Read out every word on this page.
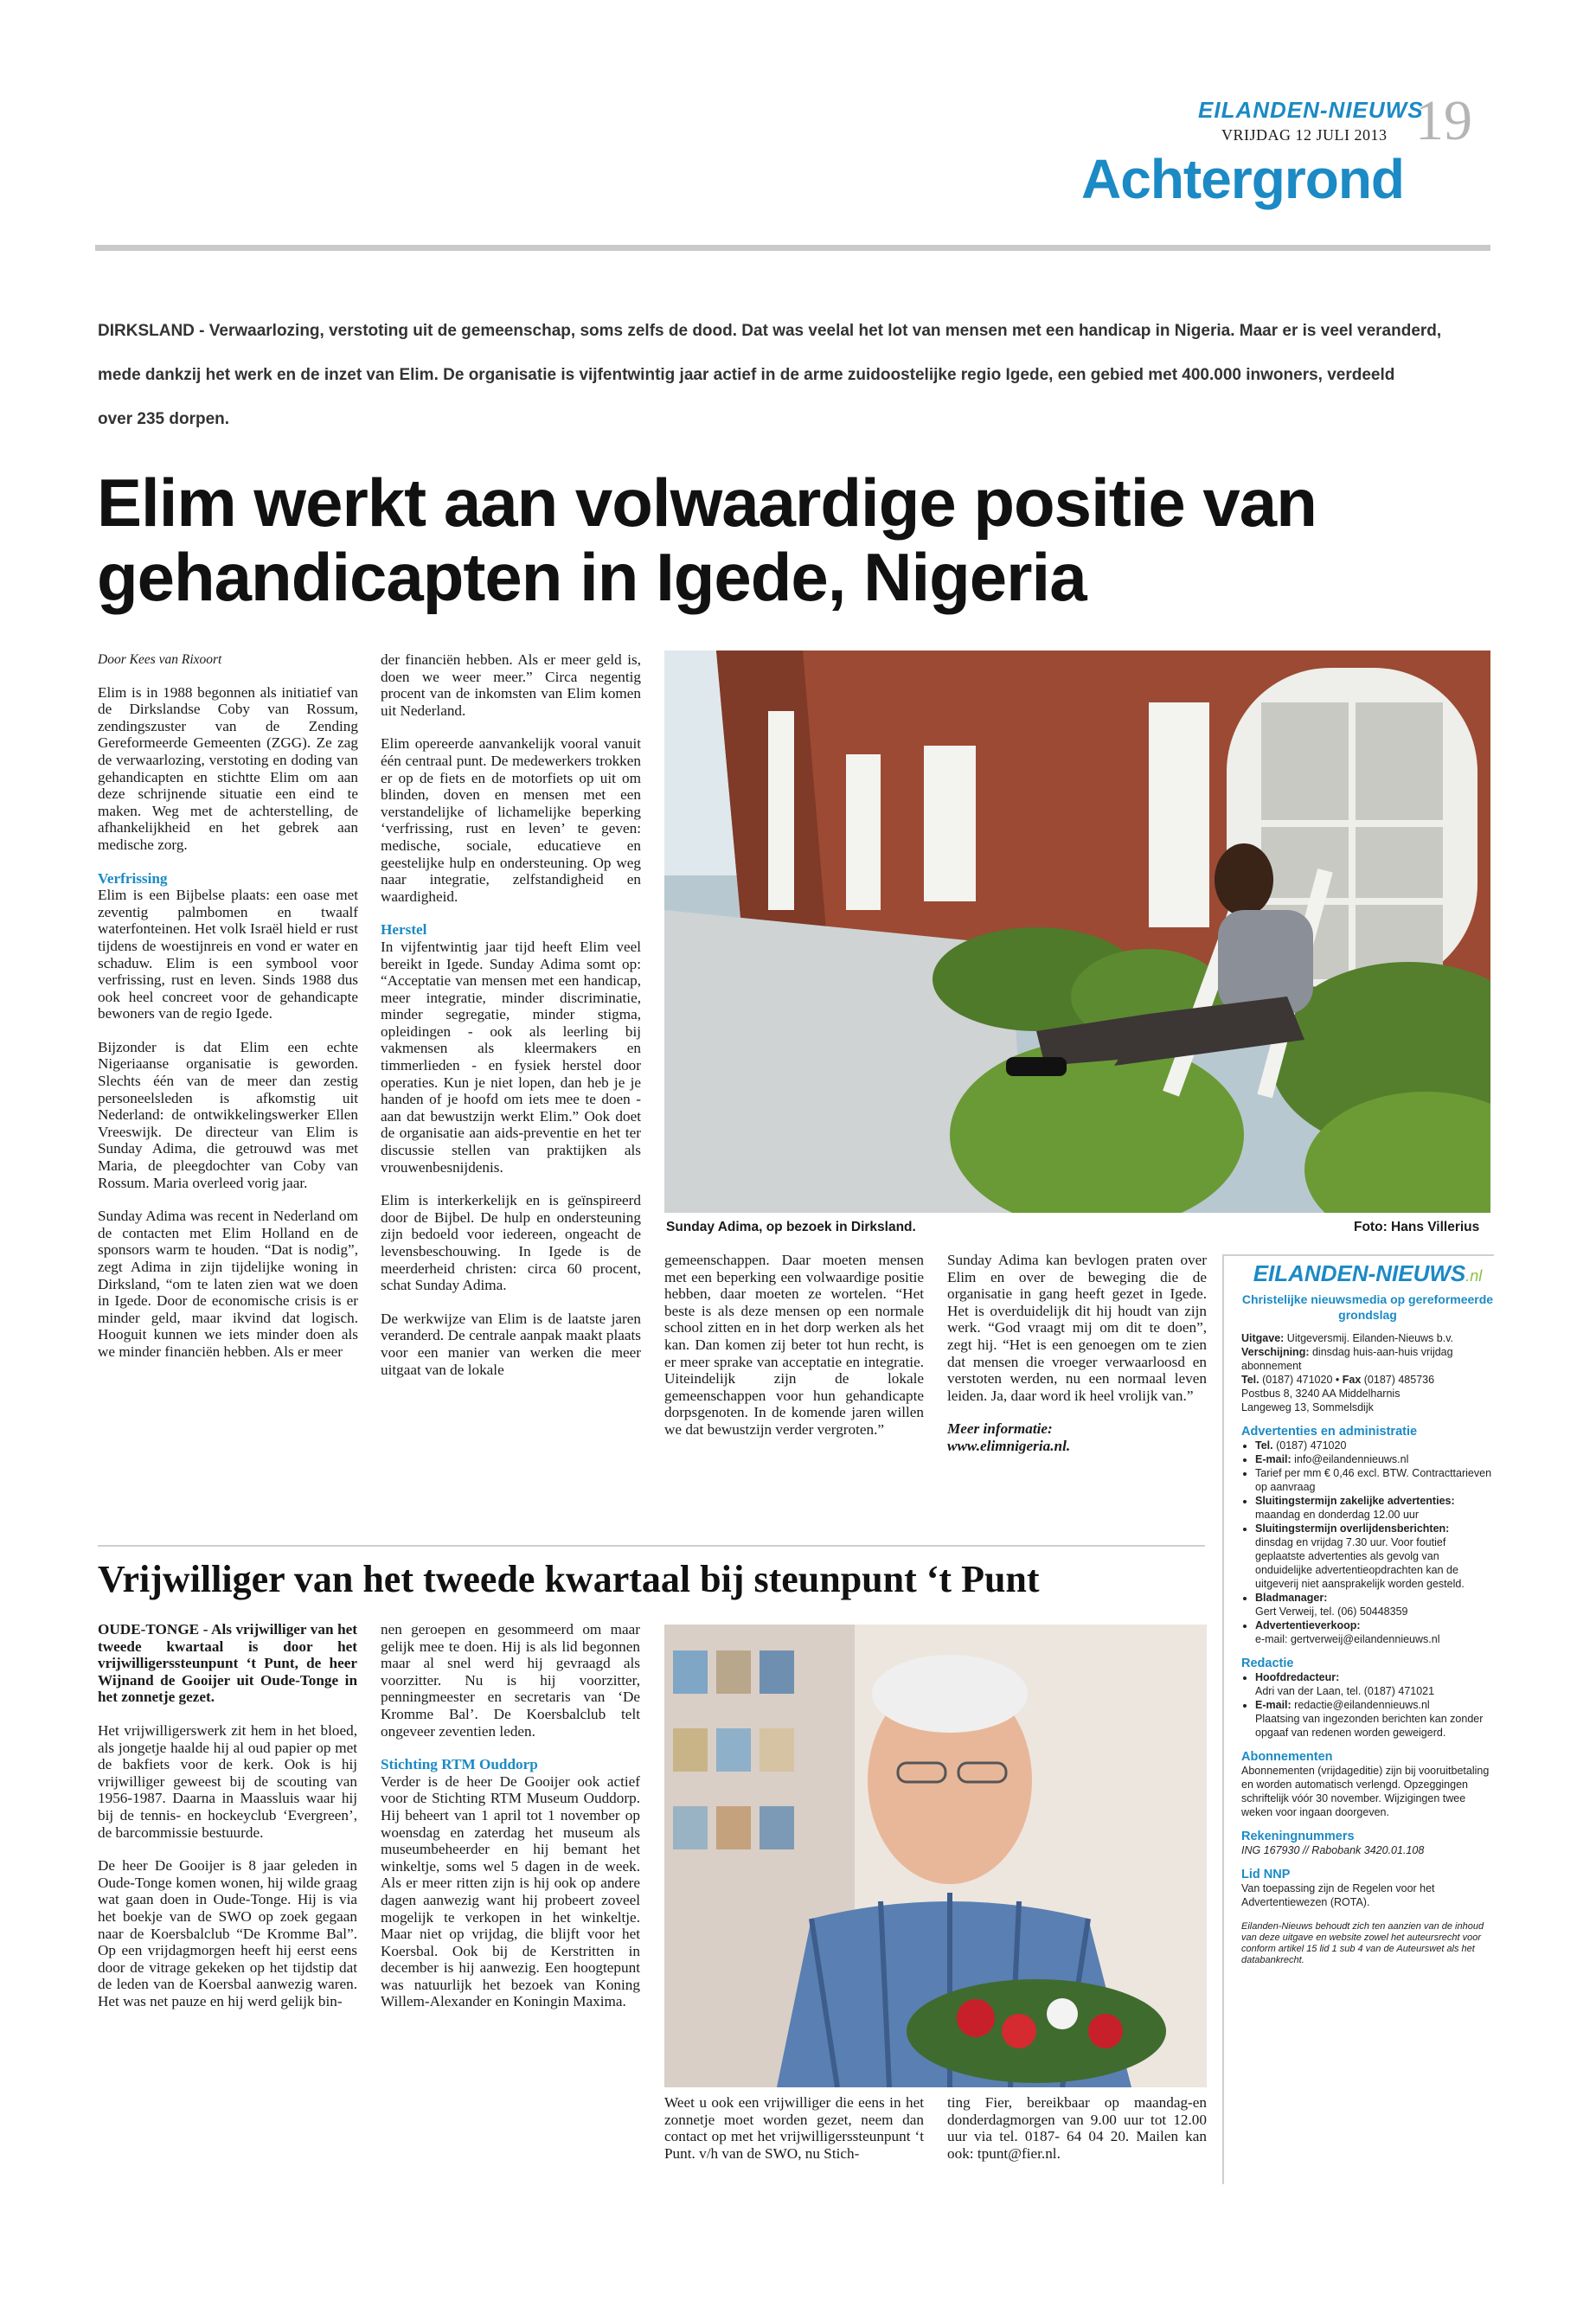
EILANDEN-NIEUWS
VRIJDAG 12 JULI 2013 19
Achtergrond

DIRKSLAND - Verwaarlozing, verstoting uit de gemeenschap, soms zelfs de dood. Dat was veelal het lot van mensen met een handicap in Nigeria. Maar er is veel veranderd,

mede dankzij het werk en de inzet van Elim. De organisatie is vijfentwintig jaar actief in de arme zuidoostelijke regio Igede, een gebied met 400.000 inwoners, verdeeld

over 235 dorpen.

Elim werkt aan volwaardige positie van
gehandicapten in Igede, Nigeria

Door Kees van Rixoort

Elim is in 1988 begonnen als initiatief van de Dirkslandse Coby van Rossum, zendingszuster van de Zending Gereformeerde Gemeenten (ZGG). Ze zag de verwaarlozing, verstoting en doding van gehandicapten en stichtte Elim om aan deze schrijnende situatie een eind te maken. Weg met de achterstelling, de afhankelijkheid en het gebrek aan medische zorg.

Verfrissing

Elim is een Bijbelse plaats: een oase met zeventig palmbomen en twaalf waterfonteinen. Het volk Israël hield er rust tijdens de woestijnreis en vond er water en schaduw. Elim is een symbool voor verfrissing, rust en leven. Sinds 1988 dus ook heel concreet voor de gehandicapte bewoners van de regio Igede.

Bijzonder is dat Elim een echte Nigeriaanse organisatie is geworden. Slechts één van de meer dan zestig personeelsleden is afkomstig uit Nederland: de ontwikkelingswerker Ellen Vreeswijk. De directeur van Elim is Sunday Adima, die getrouwd was met Maria, de pleegdochter van Coby van Rossum. Maria overleed vorig jaar.

Sunday Adima was recent in Nederland om de contacten met Elim Holland en de sponsors warm te houden. “Dat is nodig”, zegt Adima in zijn tijdelijke woning in Dirksland, “om te laten zien wat we doen in Igede. Door de economische crisis is er minder geld, maar ikvind dat logisch. Hooguit kunnen we iets minder doen als we minder financiën hebben. Als er meer

der financiën hebben. Als er meer geld is, doen we weer meer.” Circa negentig procent van de inkomsten van Elim komen uit Nederland.

Elim opereerde aanvankelijk vooral vanuit één centraal punt. De medewerkers trokken er op de fiets en de motorfiets op uit om blinden, doven en mensen met een verstandelijke of lichamelijke beperking ‘verfrissing, rust en leven’ te geven: medische, sociale, educatieve en geestelijke hulp en ondersteuning. Op weg naar integratie, zelfstandigheid en waardigheid.

Herstel

In vijfentwintig jaar tijd heeft Elim veel bereikt in Igede. Sunday Adima somt op: “Acceptatie van mensen met een handicap, meer integratie, minder discriminatie, minder segregatie, minder stigma, opleidingen - ook als leerling bij vakmensen als kleermakers en timmerlieden - en fysiek herstel door operaties. Kun je niet lopen, dan heb je je handen of je hoofd om iets mee te doen - aan dat bewustzijn werkt Elim.” Ook doet de organisatie aan aids-preventie en het ter discussie stellen van praktijken als vrouwenbesnijdenis.

Elim is interkerkelijk en is geïnspireerd door de Bijbel. De hulp en ondersteuning zijn bedoeld voor iedereen, ongeacht de levensbeschouwing. In Igede is de meerderheid christen: circa 60 procent, schat Sunday Adima.

De werkwijze van Elim is de laatste jaren veranderd. De centrale aanpak maakt plaats voor een manier van werken die meer uitgaat van de lokale

Sunday Adima, op bezoek in Dirksland.	Foto: Hans Villerius

gemeenschappen. Daar moeten mensen met een beperking een volwaardige positie hebben, daar moeten ze wortelen. “Het beste is als deze mensen op een normale school zitten en in het dorp werken als het kan. Dan komen zij beter tot hun recht, is er meer sprake van acceptatie en integratie. Uiteindelijk zijn de lokale gemeenschappen voor hun gehandicapte dorpsgenoten. In de komende jaren willen we dat bewustzijn verder vergroten.”

Sunday Adima kan bevlogen praten over Elim en over de beweging die de organisatie in gang heeft gezet in Igede. Het is overduidelijk dit hij houdt van zijn werk. “God vraagt mij om dit te doen”, zegt hij. “Het is een genoegen om te zien dat mensen die vroeger verwaarloosd en verstoten werden, nu een normaal leven leiden. Ja, daar word ik heel vrolijk van.”

Meer informatie:

www.elimnigeria.nl.

Vrijwilliger van het tweede kwartaal bij steunpunt ‘t Punt

OUDE-TONGE - Als vrijwilliger van het tweede kwartaal is door het vrijwilligerssteunpunt ‘t Punt, de heer Wijnand de Gooijer uit Oude-Tonge in het zonnetje gezet.

Het vrijwilligerswerk zit hem in het bloed, als jongetje haalde hij al oud papier op met de bakfiets voor de kerk. Ook is hij vrijwilliger geweest bij de scouting van 1956-1987. Daarna in Maassluis waar hij bij de tennis- en hockeyclub ‘Evergreen’, de barcommissie bestuurde.

De heer De Gooijer is 8 jaar geleden in Oude-Tonge komen wonen, hij wilde graag wat gaan doen in Oude-Tonge. Hij is via het boekje van de SWO op zoek gegaan naar de Koersbalclub “De Kromme Bal”. Op een vrijdagmorgen heeft hij eerst eens door de vitrage gekeken op het tijdstip dat de leden van de Koersbal aanwezig waren. Het was net pauze en hij werd gelijk bin-

nen geroepen en gesommeerd om maar gelijk mee te doen. Hij is als lid begonnen maar al snel werd hij gevraagd als voorzitter. Nu is hij voorzitter, penningmeester en secretaris van ‘De Kromme Bal’. De Koersbalclub telt ongeveer zeventien leden.

Stichting RTM Ouddorp

Verder is de heer De Gooijer ook actief voor de Stichting RTM Museum Ouddorp. Hij beheert van 1 april tot 1 november op woensdag en zaterdag het museum als museumbeheerder en hij bemant het winkeltje, soms wel 5 dagen in de week. Als er meer ritten zijn is hij ook op andere dagen aanwezig want hij probeert zoveel mogelijk te verkopen in het winkeltje. Maar niet op vrijdag, die blijft voor het Koersbal. Ook bij de Kerstritten in december is hij aanwezig. Een hoogtepunt was natuurlijk het bezoek van Koning Willem-Alexander en Koningin Maxima.

Weet u ook een vrijwilliger die eens in het zonnetje moet worden gezet, neem dan contact op met het vrijwilligerssteunpunt ‘t Punt. v/h van de SWO, nu Stich-

ting Fier, bereikbaar op maandag-en donderdagmorgen van 9.00 uur tot 12.00 uur via tel. 0187- 64 04 20. Mailen kan ook: tpunt@fier.nl.

EILANDEN-NIEUWS.nl
Christelijke nieuwsmedia op gereformeerde grondslag
Uitgave: Uitgeversmij. Eilanden-Nieuws b.v.
Verschijning: dinsdag huis-aan-huis vrijdag abonnement
Tel. (0187) 471020 • Fax (0187) 485736
Postbus 8, 3240 AA Middelharnis
Langeweg 13, Sommelsdijk
Advertenties en administratie
• Tel. (0187) 471020
• E-mail: info@eilandennieuws.nl
• Tarief per mm € 0,46 excl. BTW. Contracttarieven op aanvraag
• Sluitingstermijn zakelijke advertenties:
maandag en donderdag 12.00 uur
• Sluitingstermijn overlijdensberichten:
dinsdag en vrijdag 7.30 uur. Voor foutief geplaatste advertenties als gevolg van onduidelijke advertentieopdrachten kan de uitgeverij niet aansprakelijk worden gesteld.
• Bladmanager:
Gert Verweij, tel. (06) 50448359
• Advertentieverkoop:
e-mail: gertverweij@eilandennieuws.nl
Redactie
• Hoofdredacteur:
Adri van der Laan, tel. (0187) 471021
• E-mail: redactie@eilandennieuws.nl
Plaatsing van ingezonden berichten kan zonder opgaaf van redenen worden geweigerd.
Abonnementen
Abonnementen (vrijdageditie) zijn bij vooruitbetaling en worden automatisch verlengd. Opzeggingen schriftelijk vóór 30 november. Wijzigingen twee weken voor ingaan doorgeven.
Rekeningnummers
ING 167930 // Rabobank 3420.01.108
Lid NNP
Van toepassing zijn de Regelen voor het Advertentiewezen (ROTA).
Eilanden-Nieuws behoudt zich ten aanzien van de inhoud van deze uitgave en website zowel het auteursrecht voor conform artikel 15 lid 1 sub 4 van de Auteurswet als het databankrecht.
